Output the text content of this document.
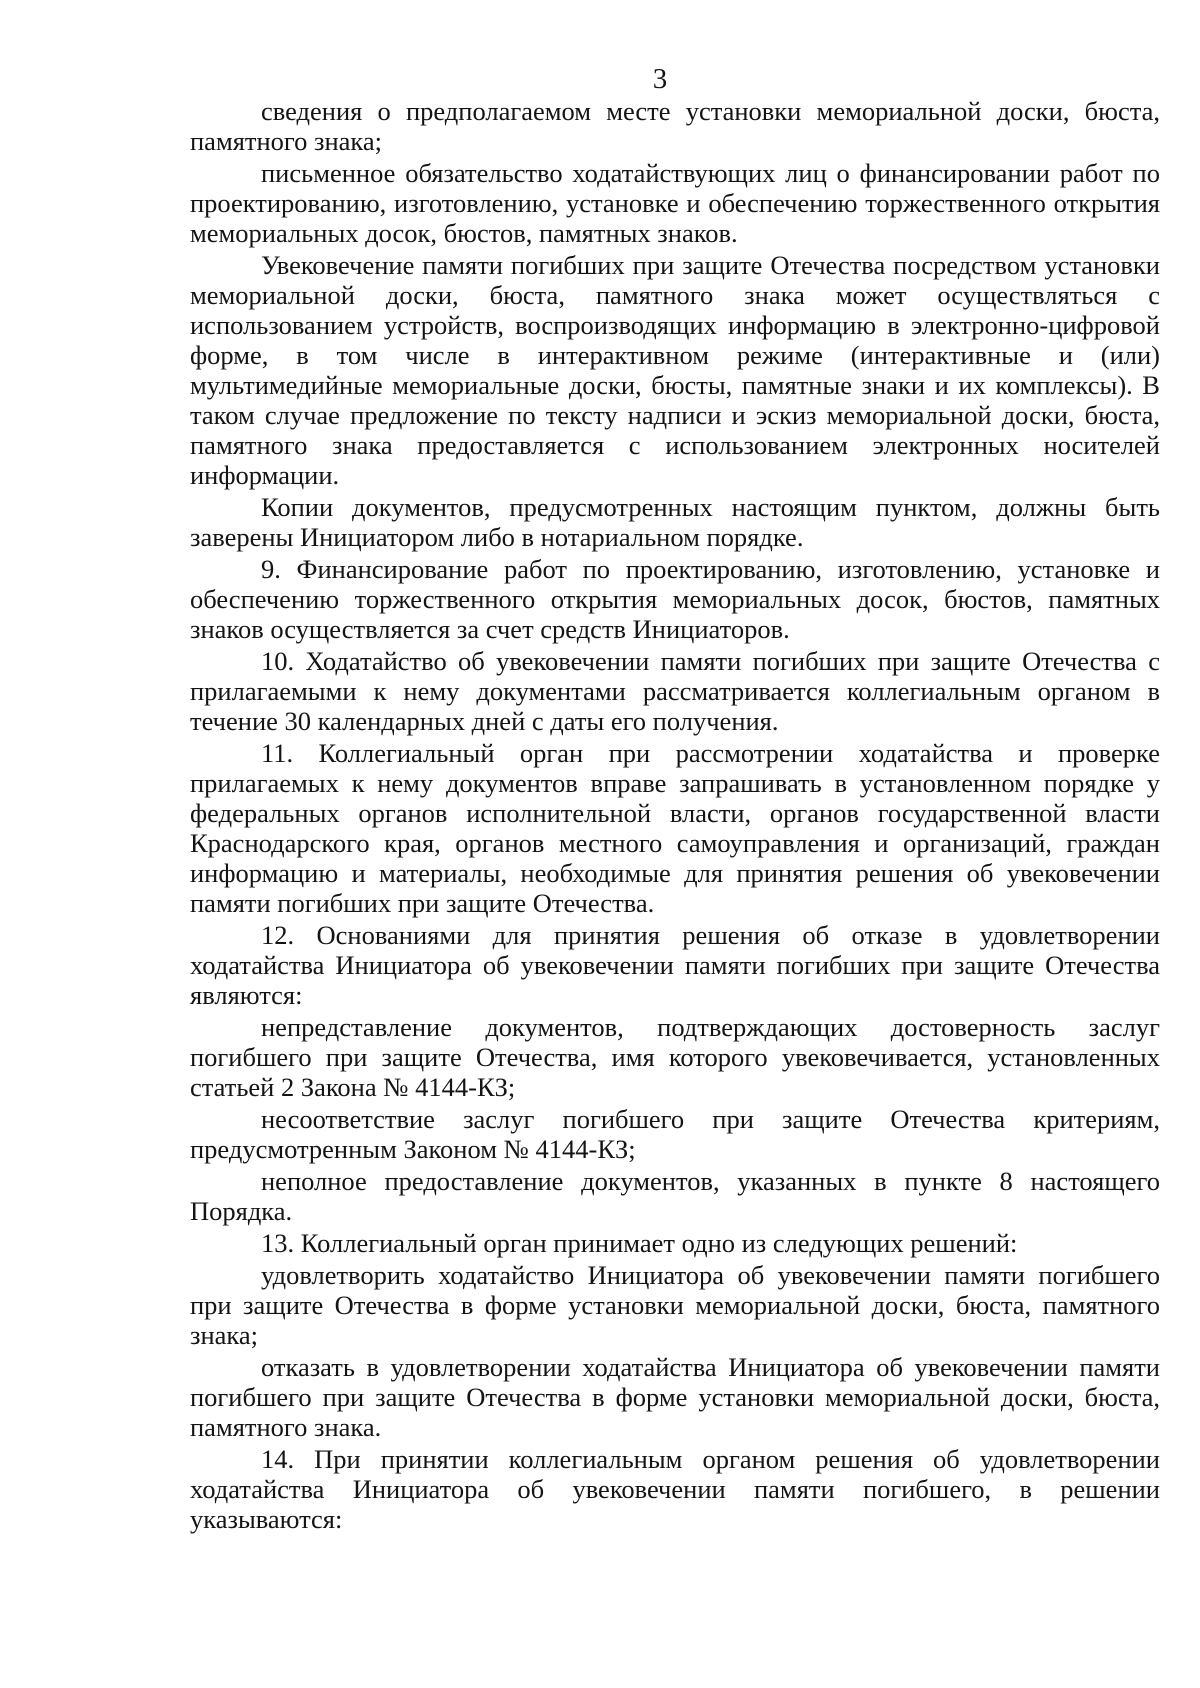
3

сведения о предполагаемом месте установки мемориальной доски, бюста, памятного знака;

письменное обязательство ходатайствующих лиц о финансировании работ по проектированию, изготовлению, установке и обеспечению торжественного открытия мемориальных досок, бюстов, памятных знаков.

Увековечение памяти погибших при защите Отечества посредством установки мемориальной доски, бюста, памятного знака может осуществляться с использованием устройств, воспроизводящих информацию в электронно-цифровой форме, в том числе в интерактивном режиме (интерактивные и (или) мультимедийные мемориальные доски, бюсты, памятные знаки и их комплексы). В таком случае предложение по тексту надписи и эскиз мемориальной доски, бюста, памятного знака предоставляется с использованием электронных носителей информации.

Копии документов, предусмотренных настоящим пунктом, должны быть заверены Инициатором либо в нотариальном порядке.

9. Финансирование работ по проектированию, изготовлению, установке и обеспечению торжественного открытия мемориальных досок, бюстов, памятных знаков осуществляется за счет средств Инициаторов.

10. Ходатайство об увековечении памяти погибших при защите Отечества с прилагаемыми к нему документами рассматривается коллегиальным органом в течение 30 календарных дней с даты его получения.

11. Коллегиальный орган при рассмотрении ходатайства и проверке прилагаемых к нему документов вправе запрашивать в установленном порядке у федеральных органов исполнительной власти, органов государственной власти Краснодарского края, органов местного самоуправления и организаций, граждан информацию и материалы, необходимые для принятия решения об увековечении памяти погибших при защите Отечества.

12. Основаниями для принятия решения об отказе в удовлетворении ходатайства Инициатора об увековечении памяти погибших при защите Отечества являются:

непредставление документов, подтверждающих достоверность заслуг погибшего при защите Отечества, имя которого увековечивается, установленных статьей 2 Закона № 4144-КЗ;

несоответствие заслуг погибшего при защите Отечества критериям, предусмотренным Законом № 4144-КЗ;

неполное предоставление документов, указанных в пункте 8 настоящего Порядка.

13. Коллегиальный орган принимает одно из следующих решений:

удовлетворить ходатайство Инициатора об увековечении памяти погибшего при защите Отечества в форме установки мемориальной доски, бюста, памятного знака;

отказать в удовлетворении ходатайства Инициатора об увековечении памяти погибшего при защите Отечества в форме установки мемориальной доски, бюста, памятного знака.

14. При принятии коллегиальным органом решения об удовлетворении ходатайства Инициатора об увековечении памяти погибшего, в решении указываются:
